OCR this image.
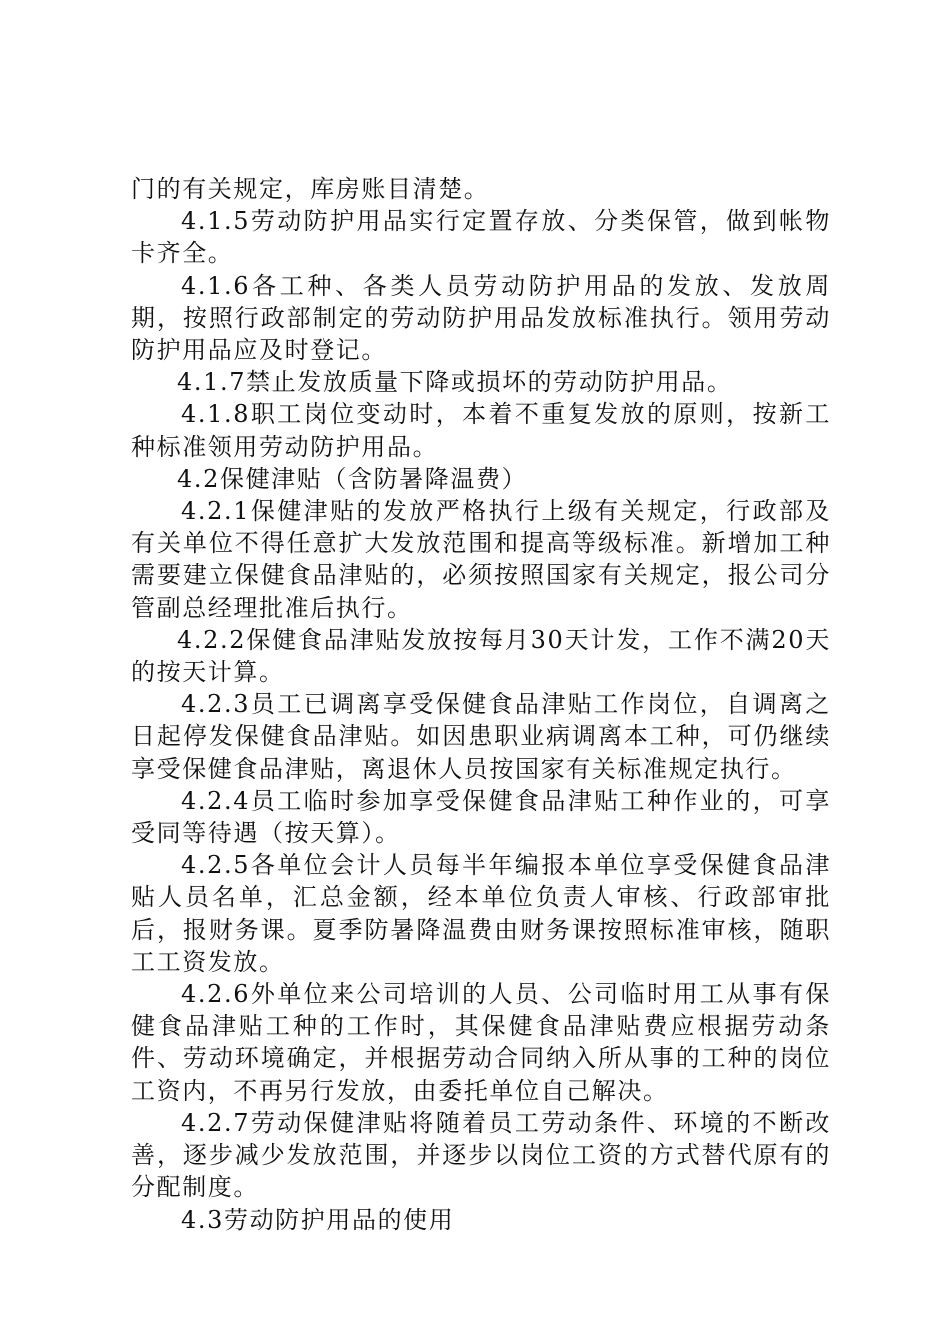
门的有关规定，库房账目清楚。

4.1.5劳动防护用品实行定置存放、分类保管，做到帐物卡齐全。

4.1.6各工种、各类人员劳动防护用品的发放、发放周期，按照行政部制定的劳动防护用品发放标准执行。领用劳动防护用品应及时登记。

4.1.7禁止发放质量下降或损坏的劳动防护用品。

4.1.8职工岗位变动时，本着不重复发放的原则，按新工种标准领用劳动防护用品。

4.2保健津贴（含防暑降温费）

4.2.1保健津贴的发放严格执行上级有关规定，行政部及有关单位不得任意扩大发放范围和提高等级标准。新增加工种需要建立保健食品津贴的，必须按照国家有关规定，报公司分管副总经理批准后执行。

4.2.2保健食品津贴发放按每月30天计发，工作不满20天的按天计算。

4.2.3员工已调离享受保健食品津贴工作岗位，自调离之日起停发保健食品津贴。如因患职业病调离本工种，可仍继续享受保健食品津贴，离退休人员按国家有关标准规定执行。

4.2.4员工临时参加享受保健食品津贴工种作业的，可享受同等待遇（按天算）。

4.2.5各单位会计人员每半年编报本单位享受保健食品津贴人员名单，汇总金额，经本单位负责人审核、行政部审批后，报财务课。夏季防暑降温费由财务课按照标准审核，随职工工资发放。

4.2.6外单位来公司培训的人员、公司临时用工从事有保健食品津贴工种的工作时，其保健食品津贴费应根据劳动条件、劳动环境确定，并根据劳动合同纳入所从事的工种的岗位工资内，不再另行发放，由委托单位自己解决。

4.2.7劳动保健津贴将随着员工劳动条件、环境的不断改善，逐步减少发放范围，并逐步以岗位工资的方式替代原有的分配制度。

4.3劳动防护用品的使用
